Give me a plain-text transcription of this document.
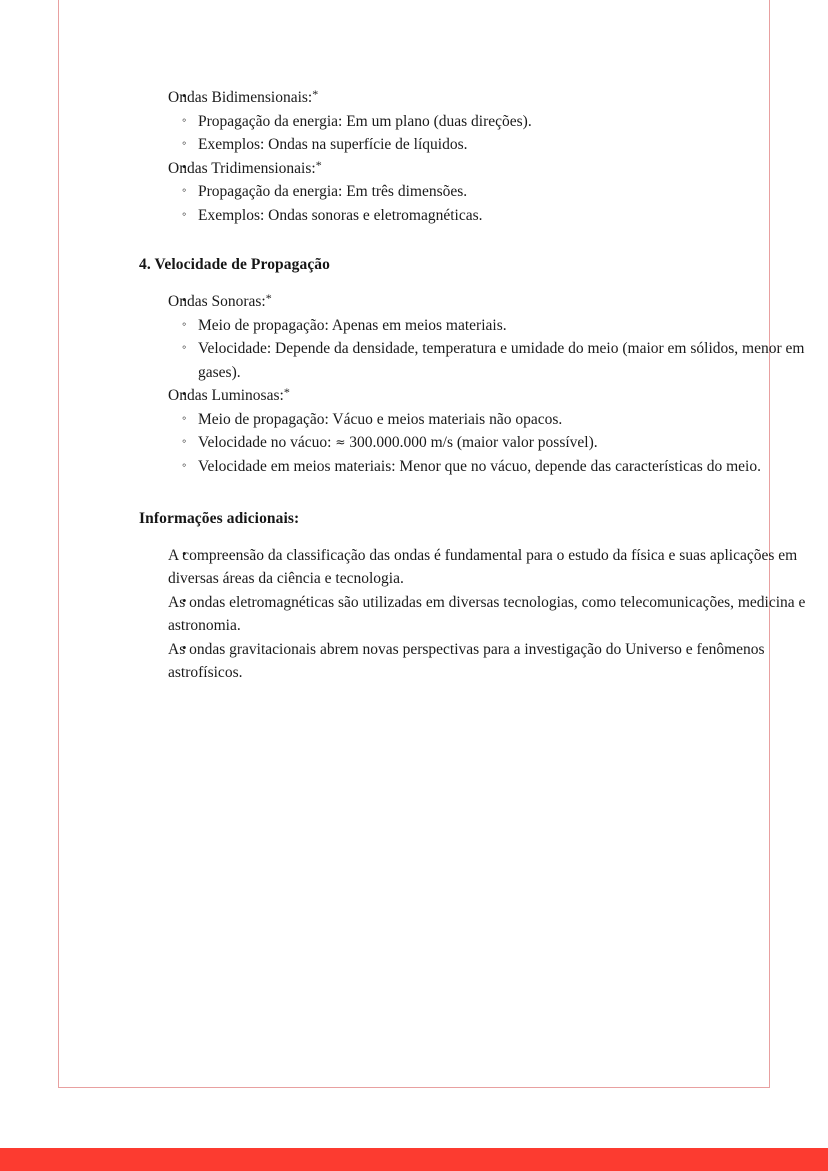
• Ondas Bidimensionais:*
◦ Propagação da energia: Em um plano (duas direções).
◦ Exemplos: Ondas na superfície de líquidos.
• Ondas Tridimensionais:*
◦ Propagação da energia: Em três dimensões.
◦ Exemplos: Ondas sonoras e eletromagnéticas.

4. Velocidade de Propagação

• Ondas Sonoras:*
◦ Meio de propagação: Apenas em meios materiais.
◦ Velocidade: Depende da densidade, temperatura e umidade do meio (maior em sólidos, menor em gases).
• Ondas Luminosas:*
◦ Meio de propagação: Vácuo e meios materiais não opacos.
◦ Velocidade no vácuo: ≈ 300.000.000 m/s (maior valor possível).
◦ Velocidade em meios materiais: Menor que no vácuo, depende das características do meio.

Informações adicionais:

• A compreensão da classificação das ondas é fundamental para o estudo da física e suas aplicações em diversas áreas da ciência e tecnologia.
• As ondas eletromagnéticas são utilizadas em diversas tecnologias, como telecomunicações, medicina e astronomia.
• As ondas gravitacionais abrem novas perspectivas para a investigação do Universo e fenômenos astrofísicos.
